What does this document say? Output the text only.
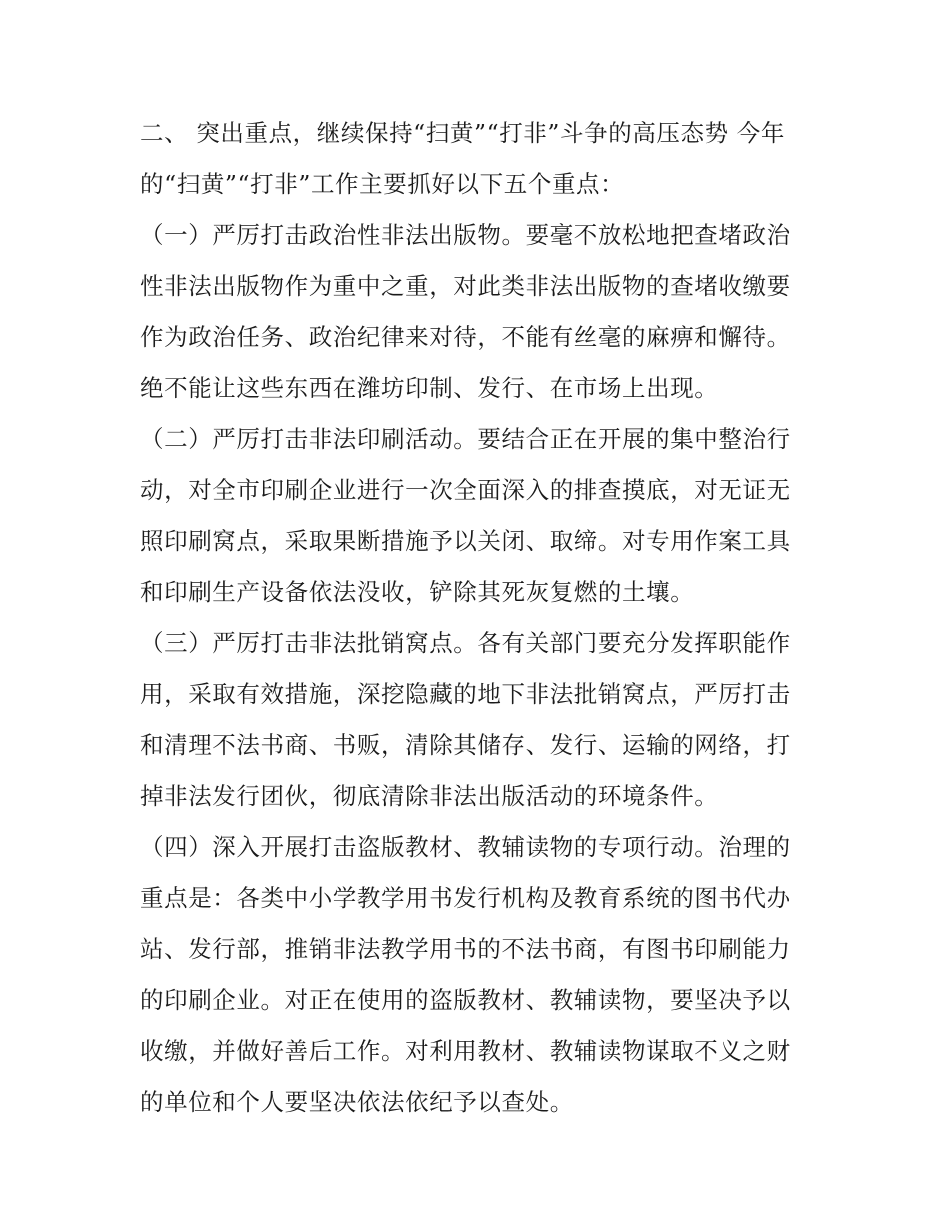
二、 突出重点，继续保持“扫黄”“打非”斗争的高压态势 今年
的“扫黄”“打非”工作主要抓好以下五个重点：
（一）严厉打击政治性非法出版物。要毫不放松地把查堵政治
性非法出版物作为重中之重，对此类非法出版物的查堵收缴要
作为政治任务、政治纪律来对待，不能有丝毫的麻痹和懈待。
绝不能让这些东西在潍坊印制、发行、在市场上出现。
（二）严厉打击非法印刷活动。要结合正在开展的集中整治行
动，对全市印刷企业进行一次全面深入的排查摸底，对无证无
照印刷窝点，采取果断措施予以关闭、取缔。对专用作案工具
和印刷生产设备依法没收，铲除其死灰复燃的土壤。
（三）严厉打击非法批销窝点。各有关部门要充分发挥职能作
用，采取有效措施，深挖隐藏的地下非法批销窝点，严厉打击
和清理不法书商、书贩，清除其储存、发行、运输的网络，打
掉非法发行团伙，彻底清除非法出版活动的环境条件。
（四）深入开展打击盗版教材、教辅读物的专项行动。治理的
重点是：各类中小学教学用书发行机构及教育系统的图书代办
站、发行部，推销非法教学用书的不法书商，有图书印刷能力
的印刷企业。对正在使用的盗版教材、教辅读物，要坚决予以
收缴，并做好善后工作。对利用教材、教辅读物谋取不义之财
的单位和个人要坚决依法依纪予以查处。
